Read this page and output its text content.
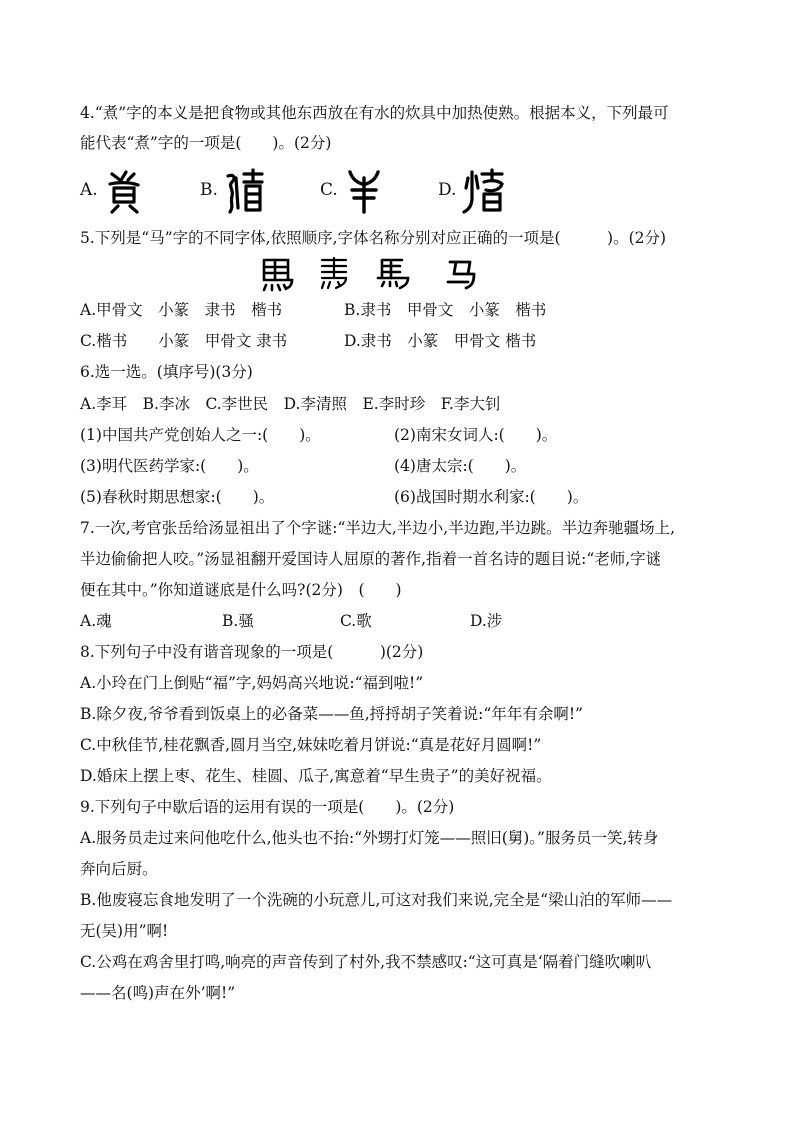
4.“煮”字的本义是把食物或其他东西放在有水的炊具中加热使熟。根据本义，下列最可
能代表“煮”字的一项是(　　)。(2分)
A.	B.	C.	D.
5.下列是“马”字的不同字体,依照顺序,字体名称分别对应正确的一项是(　　　)。(2分)
A.甲骨文　小篆　隶书　楷书	B.隶书　甲骨文　小篆　楷书
C.楷书　　小篆　甲骨文 隶书	D.隶书　小篆　甲骨文 楷书
6.选一选。(填序号)(3分)
A.李耳　B.李冰　C.李世民　D.李清照　E.李时珍　F.李大钊
(1)中国共产党创始人之一:(　　)。	(2)南宋女词人:(　　)。
(3)明代医药学家:(　　)。	(4)唐太宗:(　　)。
(5)春秋时期思想家:(　　)。	(6)战国时期水利家:(　　)。
7.一次,考官张岳给汤显祖出了个字谜:“半边大,半边小,半边跑,半边跳。半边奔驰疆场上,
半边偷偷把人咬。”汤显祖翻开爱国诗人屈原的著作,指着一首名诗的题目说:“老师,字谜
便在其中。”你知道谜底是什么吗?(2分)　(　　)
A.魂	B.骚	C.歌	D.涉
8.下列句子中没有谐音现象的一项是(　　　)(2分)
A.小玲在门上倒贴“福”字,妈妈高兴地说:“福到啦!”
B.除夕夜,爷爷看到饭桌上的必备菜——鱼,捋捋胡子笑着说:“年年有余啊!”
C.中秋佳节,桂花飘香,圆月当空,妹妹吃着月饼说:“真是花好月圆啊!”
D.婚床上摆上枣、花生、桂圆、瓜子,寓意着“早生贵子”的美好祝福。
9.下列句子中歇后语的运用有误的一项是(　　)。(2分)
A.服务员走过来问他吃什么,他头也不抬:“外甥打灯笼——照旧(舅)。”服务员一笑,转身
奔向后厨。
B.他废寝忘食地发明了一个洗碗的小玩意儿,可这对我们来说,完全是“梁山泊的军师——
无(吴)用”啊!
C.公鸡在鸡舍里打鸣,响亮的声音传到了村外,我不禁感叹:“这可真是‘隔着门缝吹喇叭
——名(鸣)声在外’啊!”
